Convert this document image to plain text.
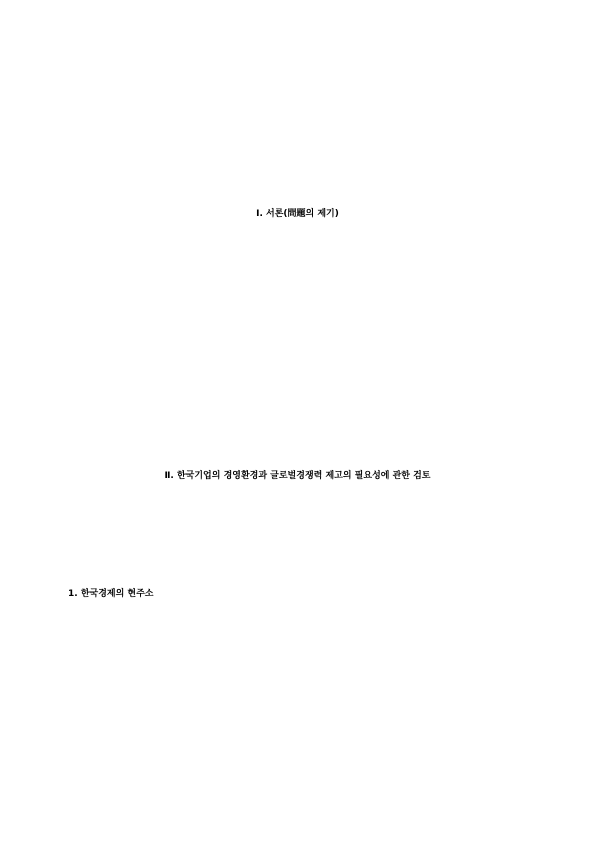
Ⅰ. 서론(問題의 제기)
Ⅱ. 한국기업의 경영환경과 글로벌경쟁력 제고의 필요성에 관한 검토
1. 한국경제의 현주소
